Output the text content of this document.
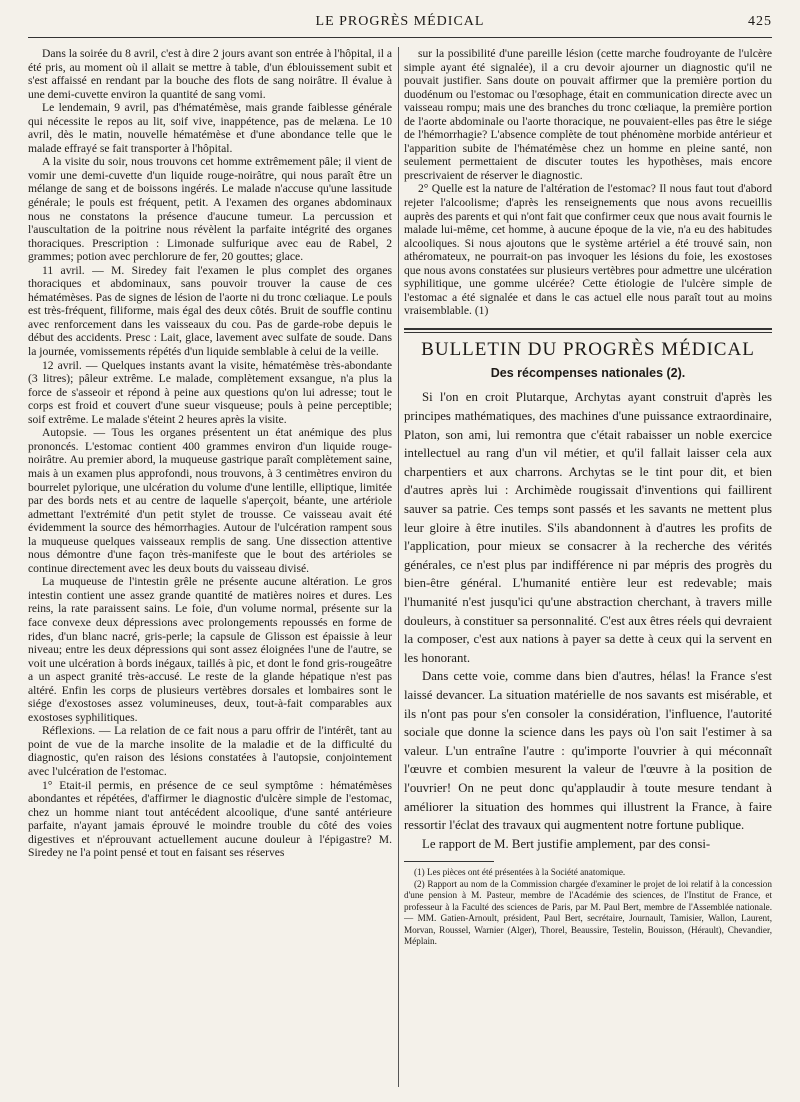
LE PROGRÈS MÉDICAL	425

Dans la soirée du 8 avril, c'est à dire 2 jours avant son entrée à l'hôpital, il a été pris, au moment où il allait se mettre à table, d'un éblouissement subit et s'est affaissé en rendant par la bouche des flots de sang noirâtre. Il évalue à une demi-cuvette environ la quantité de sang vomi.

Le lendemain, 9 avril, pas d'hématémèse, mais grande faiblesse générale qui nécessite le repos au lit, soif vive, inappétence, pas de melæna. Le 10 avril, dès le matin, nouvelle hématémèse et d'une abondance telle que le malade effrayé se fait transporter à l'hôpital.

A la visite du soir, nous trouvons cet homme extrêmement pâle; il vient de vomir une demi-cuvette d'un liquide rouge-noirâtre, qui nous paraît être un mélange de sang et de boissons ingérés. Le malade n'accuse qu'une lassitude générale; le pouls est fréquent, petit. A l'examen des organes abdominaux nous ne constatons la présence d'aucune tumeur. La percussion et l'auscultation de la poitrine nous révèlent la parfaite intégrité des organes thoraciques. Prescription : Limonade sulfurique avec eau de Rabel, 2 grammes; potion avec perchlorure de fer, 20 gouttes; glace.

11 avril. — M. Siredey fait l'examen le plus complet des organes thoraciques et abdominaux, sans pouvoir trouver la cause de ces hématémèses. Pas de signes de lésion de l'aorte ni du tronc cœliaque. Le pouls est très-fréquent, filiforme, mais égal des deux côtés. Bruit de souffle continu avec renforcement dans les vaisseaux du cou. Pas de garde-robe depuis le début des accidents. Presc : Lait, glace, lavement avec sulfate de soude. Dans la journée, vomissements répétés d'un liquide semblable à celui de la veille.

12 avril. — Quelques instants avant la visite, hématémèse très-abondante (3 litres); pâleur extrême. Le malade, complètement exsangue, n'a plus la force de s'asseoir et répond à peine aux questions qu'on lui adresse; tout le corps est froid et couvert d'une sueur visqueuse; pouls à peine perceptible; soif extrême. Le malade s'éteint 2 heures après la visite.

Autopsie. — Tous les organes présentent un état anémique des plus prononcés. L'estomac contient 400 grammes environ d'un liquide rouge-noirâtre. Au premier abord, la muqueuse gastrique paraît complètement saine, mais à un examen plus approfondi, nous trouvons, à 3 centimètres environ du bourrelet pylorique, une ulcération du volume d'une lentille, elliptique, limitée par des bords nets et au centre de laquelle s'aperçoit, béante, une artériole admettant l'extrémité d'un petit stylet de trousse. Ce vaisseau avait été évidemment la source des hémorrhagies. Autour de l'ulcération rampent sous la muqueuse quelques vaisseaux remplis de sang. Une dissection attentive nous démontre d'une façon très-manifeste que le bout des artérioles se continue directement avec les deux bouts du vaisseau divisé.

La muqueuse de l'intestin grêle ne présente aucune altération. Le gros intestin contient une assez grande quantité de matières noires et dures. Les reins, la rate paraissent sains. Le foie, d'un volume normal, présente sur la face convexe deux dépressions avec prolongements repoussés en forme de rides, d'un blanc nacré, gris-perle; la capsule de Glisson est épaissie à leur niveau; entre les deux dépressions qui sont assez éloignées l'une de l'autre, se voit une ulcération à bords inégaux, taillés à pic, et dont le fond gris-rougeâtre a un aspect granité très-accusé. Le reste de la glande hépatique n'est pas altéré. Enfin les corps de plusieurs vertèbres dorsales et lombaires sont le siége d'exostoses assez volumineuses, deux, tout-à-fait comparables aux exostoses syphilitiques.

Réflexions. — La relation de ce fait nous a paru offrir de l'intérêt, tant au point de vue de la marche insolite de la maladie et de la difficulté du diagnostic, qu'en raison des lésions constatées à l'autopsie, conjointement avec l'ulcération de l'estomac.

1° Etait-il permis, en présence de ce seul symptôme : hématémèses abondantes et répétées, d'affirmer le diagnostic d'ulcère simple de l'estomac, chez un homme niant tout antécédent alcoolique, d'une santé antérieure parfaite, n'ayant jamais éprouvé le moindre trouble du côté des voies digestives et n'éprouvant actuellement aucune douleur à l'épigastre? M. Siredey ne l'a point pensé et tout en faisant ses réserves

sur la possibilité d'une pareille lésion (cette marche foudroyante de l'ulcère simple ayant été signalée), il a cru devoir ajourner un diagnostic qu'il ne pouvait justifier. Sans doute on pouvait affirmer que la première portion du duodénum ou l'estomac ou l'œsophage, était en communication directe avec un vaisseau rompu; mais une des branches du tronc cœliaque, la première portion de l'aorte abdominale ou l'aorte thoracique, ne pouvaient-elles pas être le siége de l'hémorrhagie? L'absence complète de tout phénomène morbide antérieur et l'apparition subite de l'hématémèse chez un homme en pleine santé, non seulement permettaient de discuter toutes les hypothèses, mais encore prescrivaient de réserver le diagnostic.

2° Quelle est la nature de l'altération de l'estomac? Il nous faut tout d'abord rejeter l'alcoolisme; d'après les renseignements que nous avons recueillis auprès des parents et qui n'ont fait que confirmer ceux que nous avait fournis le malade lui-même, cet homme, à aucune époque de la vie, n'a eu des habitudes alcooliques. Si nous ajoutons que le système artériel a été trouvé sain, non athéromateux, ne pourrait-on pas invoquer les lésions du foie, les exostoses que nous avons constatées sur plusieurs vertèbres pour admettre une ulcération syphilitique, une gomme ulcérée? Cette étiologie de l'ulcère simple de l'estomac a été signalée et dans le cas actuel elle nous paraît tout au moins vraisemblable. (1)

BULLETIN DU PROGRÈS MÉDICAL
Des récompenses nationales (2).

Si l'on en croit Plutarque, Archytas ayant construit d'après les principes mathématiques, des machines d'une puissance extraordinaire, Platon, son ami, lui remontra que c'était rabaisser un noble exercice intellectuel au rang d'un vil métier, et qu'il fallait laisser cela aux charpentiers et aux charrons. Archytas se le tint pour dit, et bien d'autres après lui : Archimède rougissait d'inventions qui faillirent sauver sa patrie. Ces temps sont passés et les savants ne mettent plus leur gloire à être inutiles. S'ils abandonnent à d'autres les profits de l'application, pour mieux se consacrer à la recherche des vérités générales, ce n'est plus par indifférence ni par mépris des progrès du bien-être général. L'humanité entière leur est redevable; mais l'humanité n'est jusqu'ici qu'une abstraction cherchant, à travers mille douleurs, à constituer sa personnalité. C'est aux êtres réels qui devraient la composer, c'est aux nations à payer sa dette à ceux qui la servent en les honorant.

Dans cette voie, comme dans bien d'autres, hélas! la France s'est laissé devancer. La situation matérielle de nos savants est misérable, et ils n'ont pas pour s'en consoler la considération, l'influence, l'autorité sociale que donne la science dans les pays où l'on sait l'estimer à sa valeur. L'un entraîne l'autre : qu'importe l'ouvrier à qui méconnaît l'œuvre et combien mesurent la valeur de l'œuvre à la position de l'ouvrier! On ne peut donc qu'applaudir à toute mesure tendant à améliorer la situation des hommes qui illustrent la France, à faire ressortir l'éclat des travaux qui augmentent notre fortune publique.

Le rapport de M. Bert justifie amplement, par des consi-

(1) Les pièces ont été présentées à la Société anatomique.

(2) Rapport au nom de la Commission chargée d'examiner le projet de loi relatif à la concession d'une pension à M. Pasteur, membre de l'Académie des sciences, de l'Institut de France, et professeur à la Faculté des sciences de Paris, par M. Paul Bert, membre de l'Assemblée nationale. — MM. Gatien-Arnoult, président, Paul Bert, secrétaire, Journault, Tamisier, Wallon, Laurent, Morvan, Roussel, Warnier (Alger), Thorel, Beaussire, Testelin, Bouisson, (Hérault), Chevandier, Méplain.
